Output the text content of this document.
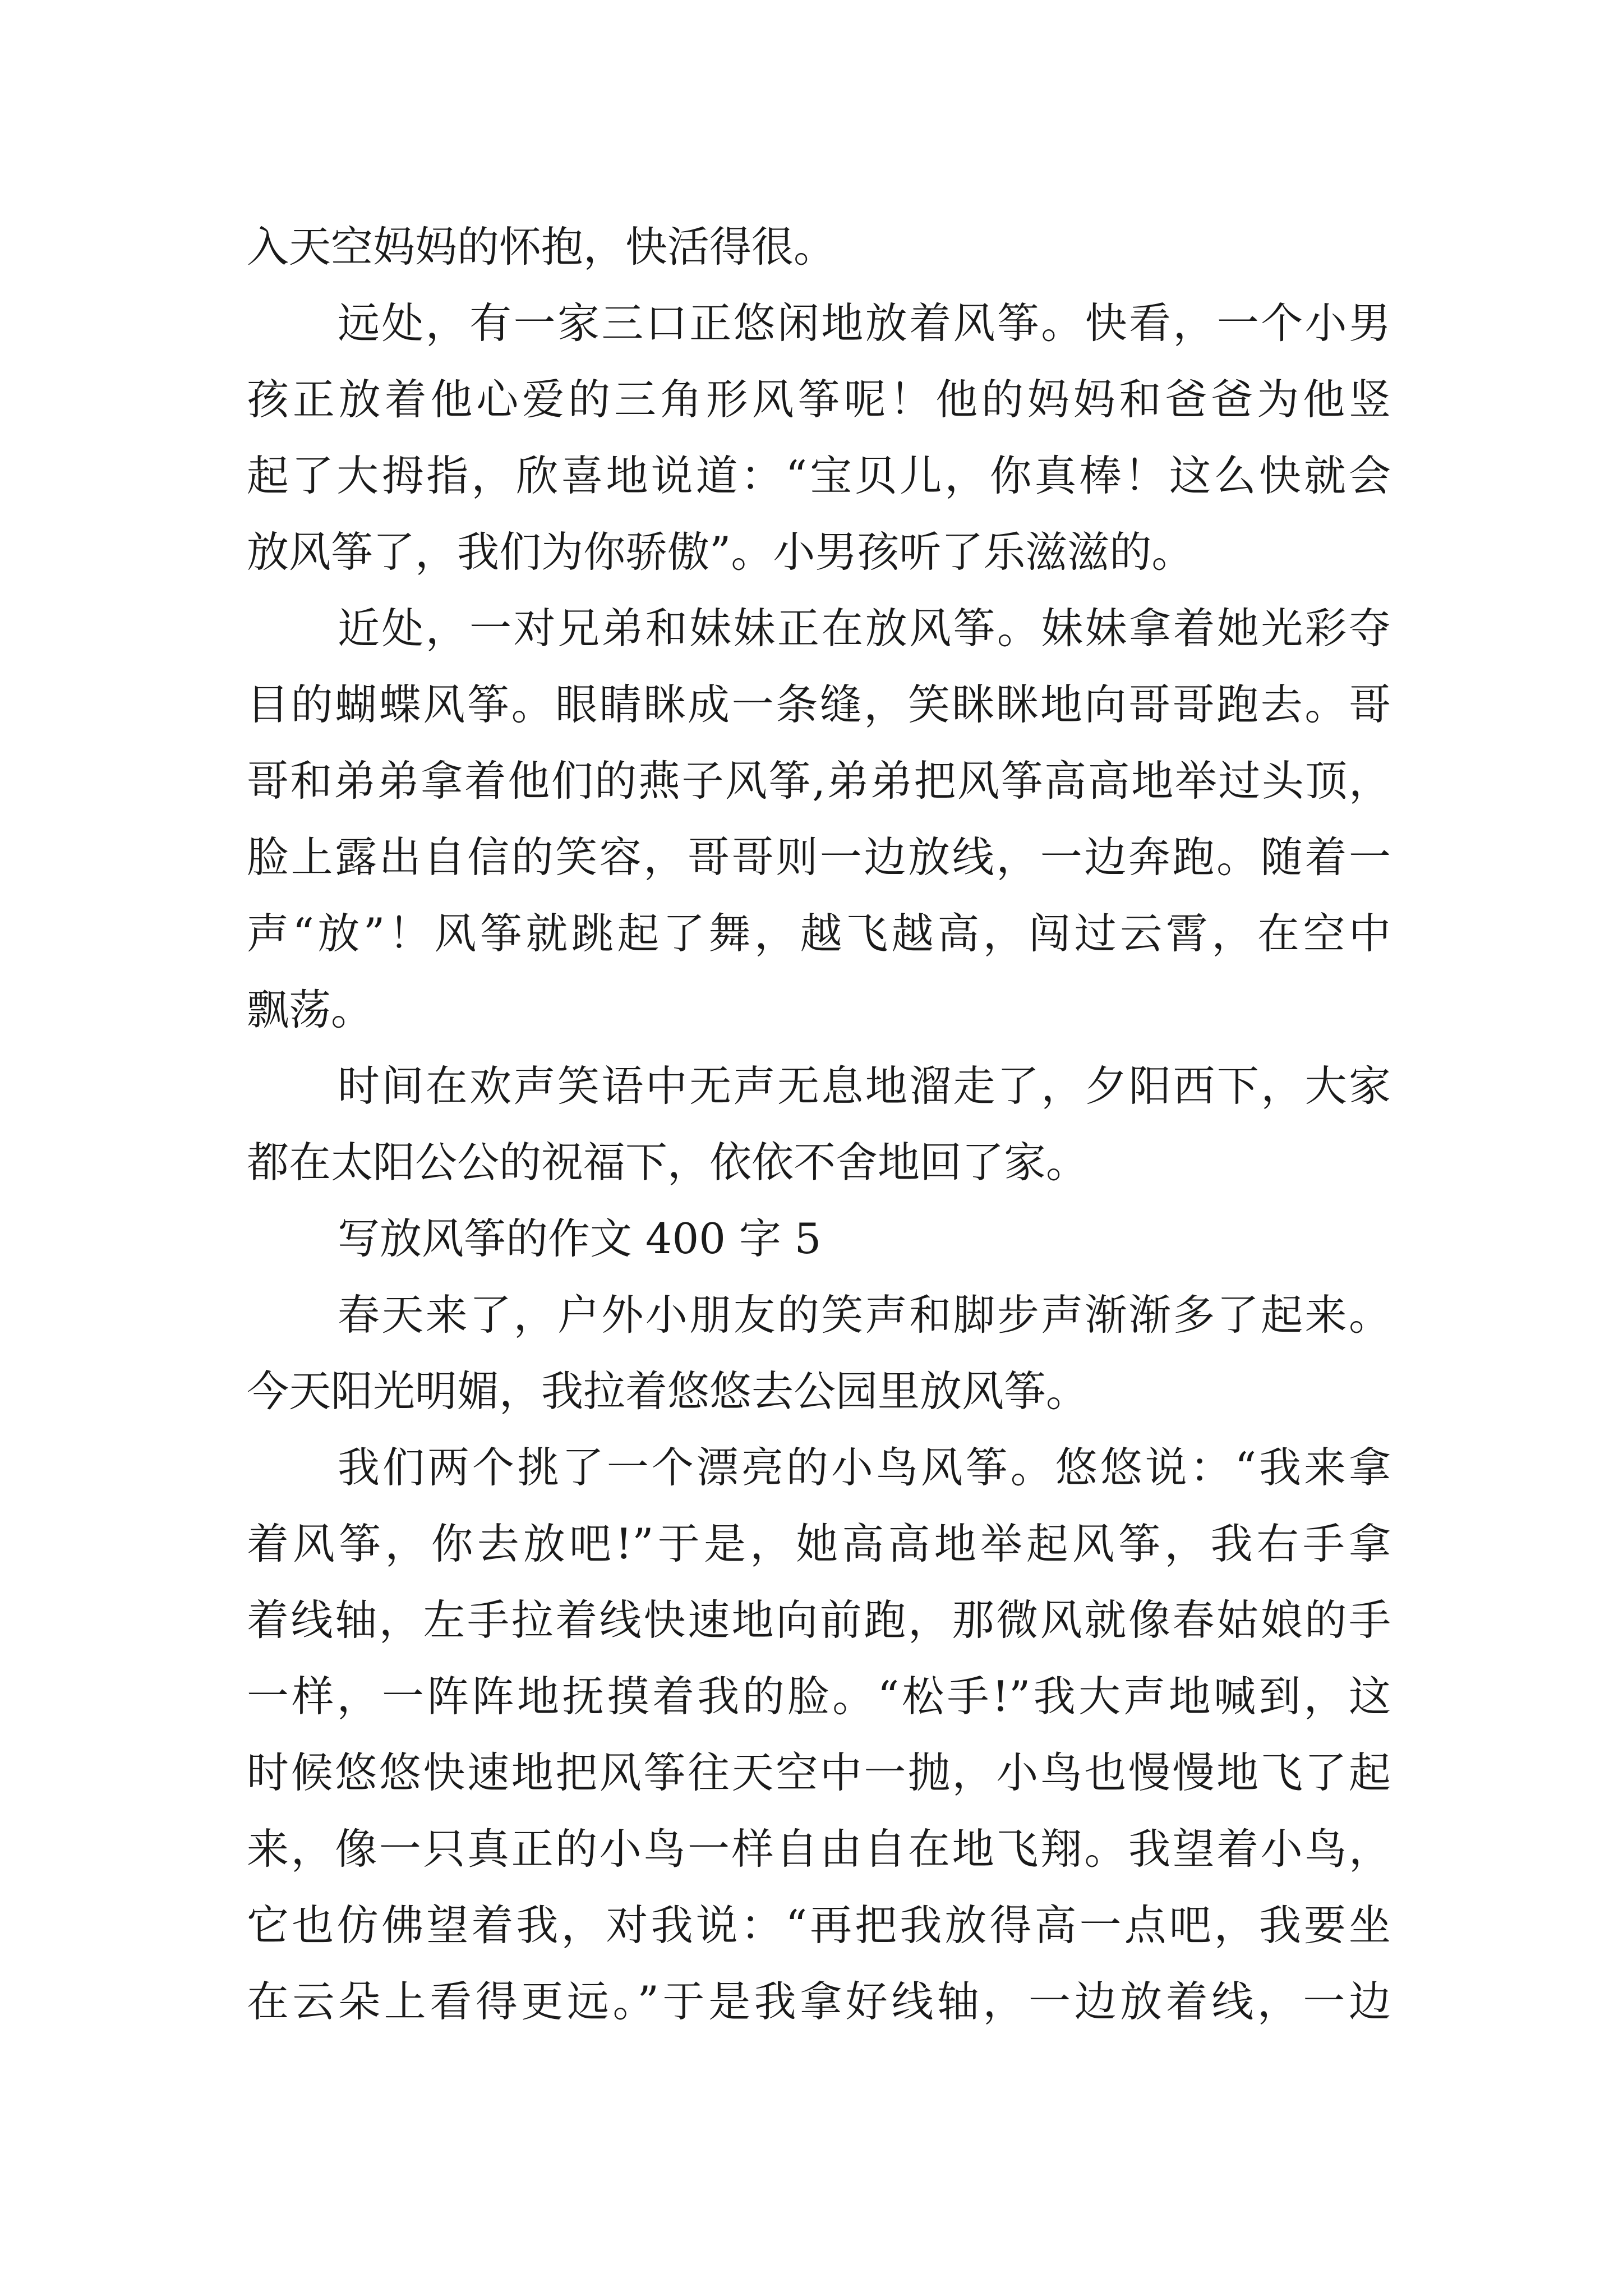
入天空妈妈的怀抱，快活得很。
远处，有一家三口正悠闲地放着风筝。快看，一个小男
孩正放着他心爱的三角形风筝呢！他的妈妈和爸爸为他竖
起了大拇指，欣喜地说道：“宝贝儿，你真棒！这么快就会
放风筝了，我们为你骄傲”。小男孩听了乐滋滋的。
近处，一对兄弟和妹妹正在放风筝。妹妹拿着她光彩夺
目的蝴蝶风筝。眼睛眯成一条缝，笑眯眯地向哥哥跑去。哥
哥和弟弟拿着他们的燕子风筝,弟弟把风筝高高地举过头顶，
脸上露出自信的笑容，哥哥则一边放线，一边奔跑。随着一
声“放”！风筝就跳起了舞，越飞越高，闯过云霄，在空中
飘荡。
时间在欢声笑语中无声无息地溜走了，夕阳西下，大家
都在太阳公公的祝福下，依依不舍地回了家。
写放风筝的作文 400 字 5
春天来了，户外小朋友的笑声和脚步声渐渐多了起来。
今天阳光明媚，我拉着悠悠去公园里放风筝。
我们两个挑了一个漂亮的小鸟风筝。悠悠说：“我来拿
着风筝，你去放吧!”于是，她高高地举起风筝，我右手拿
着线轴，左手拉着线快速地向前跑，那微风就像春姑娘的手
一样，一阵阵地抚摸着我的脸。“松手!”我大声地喊到，这
时候悠悠快速地把风筝往天空中一抛，小鸟也慢慢地飞了起
来，像一只真正的小鸟一样自由自在地飞翔。我望着小鸟，
它也仿佛望着我，对我说：“再把我放得高一点吧，我要坐
在云朵上看得更远。”于是我拿好线轴，一边放着线，一边
